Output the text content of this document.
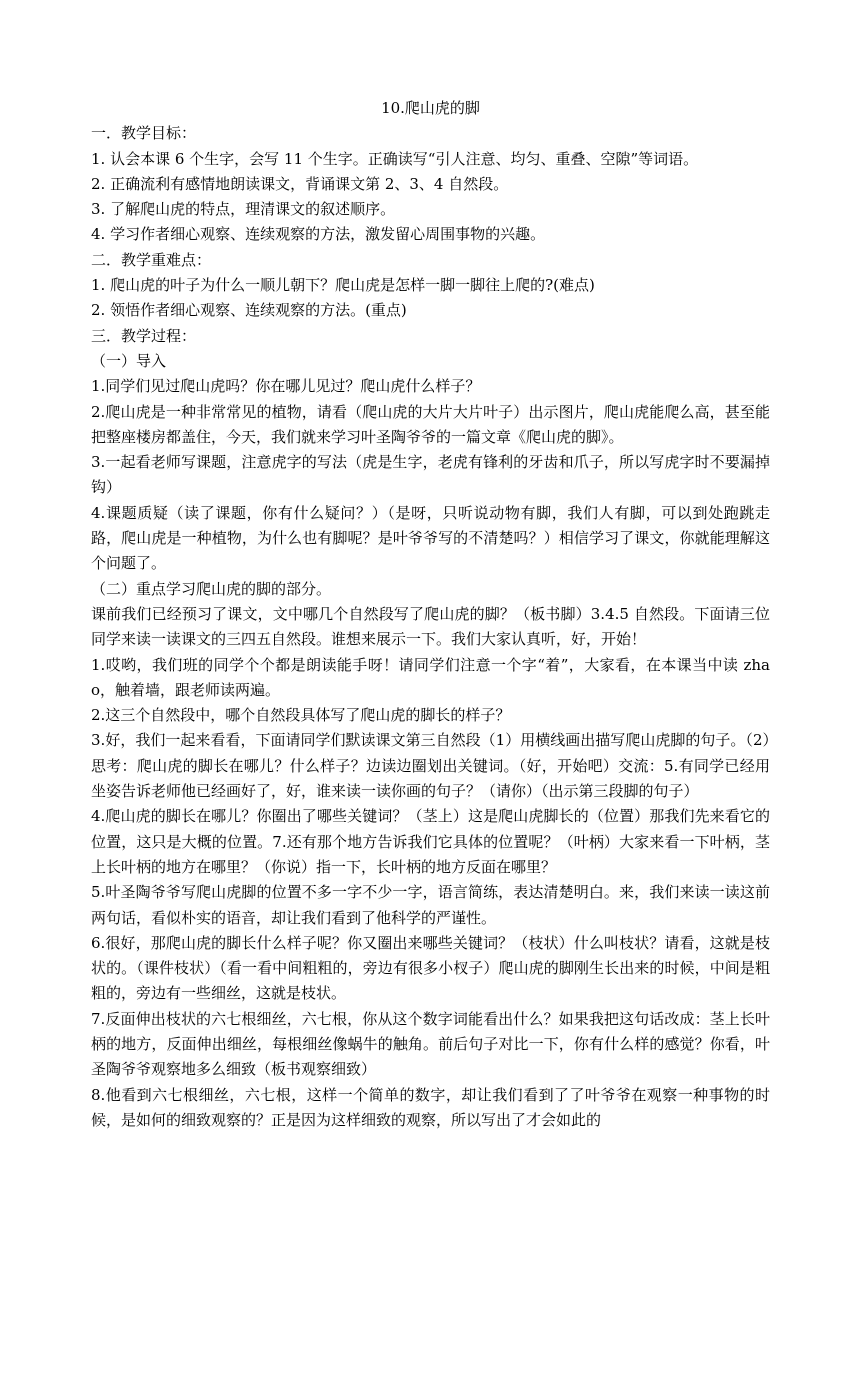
10.爬山虎的脚

一．教学目标：

1. 认会本课 6 个生字，会写 11 个生字。正确读写“引人注意、均匀、重叠、空隙”等词语。

2. 正确流利有感情地朗读课文，背诵课文第 2、3、4 自然段。

3. 了解爬山虎的特点，理清课文的叙述顺序。

4. 学习作者细心观察、连续观察的方法，激发留心周围事物的兴趣。

二．教学重难点：

1. 爬山虎的叶子为什么一顺儿朝下？爬山虎是怎样一脚一脚往上爬的?(难点)

2. 领悟作者细心观察、连续观察的方法。(重点)

三．教学过程：

（一）导入

1.同学们见过爬山虎吗？你在哪儿见过？爬山虎什么样子？

2.爬山虎是一种非常常见的植物，请看（爬山虎的大片大片叶子）出示图片，爬山虎能爬么高，甚至能把整座楼房都盖住，今天，我们就来学习叶圣陶爷爷的一篇文章《爬山虎的脚》。

3.一起看老师写课题，注意虎字的写法（虎是生字，老虎有锋利的牙齿和爪子，所以写虎字时不要漏掉钩）

4.课题质疑（读了课题，你有什么疑问？）（是呀，只听说动物有脚，我们人有脚，可以到处跑跳走路，爬山虎是一种植物，为什么也有脚呢？是叶爷爷写的不清楚吗？）相信学习了课文，你就能理解这个问题了。

（二）重点学习爬山虎的脚的部分。

课前我们已经预习了课文，文中哪几个自然段写了爬山虎的脚？（板书脚）3.4.5 自然段。下面请三位同学来读一读课文的三四五自然段。谁想来展示一下。我们大家认真听，好，开始！

1.哎哟，我们班的同学个个都是朗读能手呀！请同学们注意一个字“着”，大家看，在本课当中读 zhao，触着墙，跟老师读两遍。

2.这三个自然段中，哪个自然段具体写了爬山虎的脚长的样子？

3.好，我们一起来看看，下面请同学们默读课文第三自然段（1）用横线画出描写爬山虎脚的句子。（2）思考：爬山虎的脚长在哪儿？什么样子？边读边圈划出关键词。（好，开始吧）交流：5.有同学已经用坐姿告诉老师他已经画好了，好，谁来读一读你画的句子？（请你）（出示第三段脚的句子）

4.爬山虎的脚长在哪儿？你圈出了哪些关键词？（茎上）这是爬山虎脚长的（位置）那我们先来看它的位置，这只是大概的位置。7.还有那个地方告诉我们它具体的位置呢？（叶柄）大家来看一下叶柄，茎上长叶柄的地方在哪里？（你说）指一下，长叶柄的地方反面在哪里？

5.叶圣陶爷爷写爬山虎脚的位置不多一字不少一字，语言简练，表达清楚明白。来，我们来读一读这前两句话，看似朴实的语音，却让我们看到了他科学的严谨性。

6.很好，那爬山虎的脚长什么样子呢？你又圈出来哪些关键词？（枝状）什么叫枝状？请看，这就是枝状的。（课件枝状）（看一看中间粗粗的，旁边有很多小杈子）爬山虎的脚刚生长出来的时候，中间是粗粗的，旁边有一些细丝，这就是枝状。

7.反面伸出枝状的六七根细丝，六七根，你从这个数字词能看出什么？如果我把这句话改成：茎上长叶柄的地方，反面伸出细丝，每根细丝像蜗牛的触角。前后句子对比一下，你有什么样的感觉？你看，叶圣陶爷爷观察地多么细致（板书观察细致）

8.他看到六七根细丝，六七根，这样一个简单的数字，却让我们看到了了叶爷爷在观察一种事物的时候，是如何的细致观察的？正是因为这样细致的观察，所以写出了才会如此的
